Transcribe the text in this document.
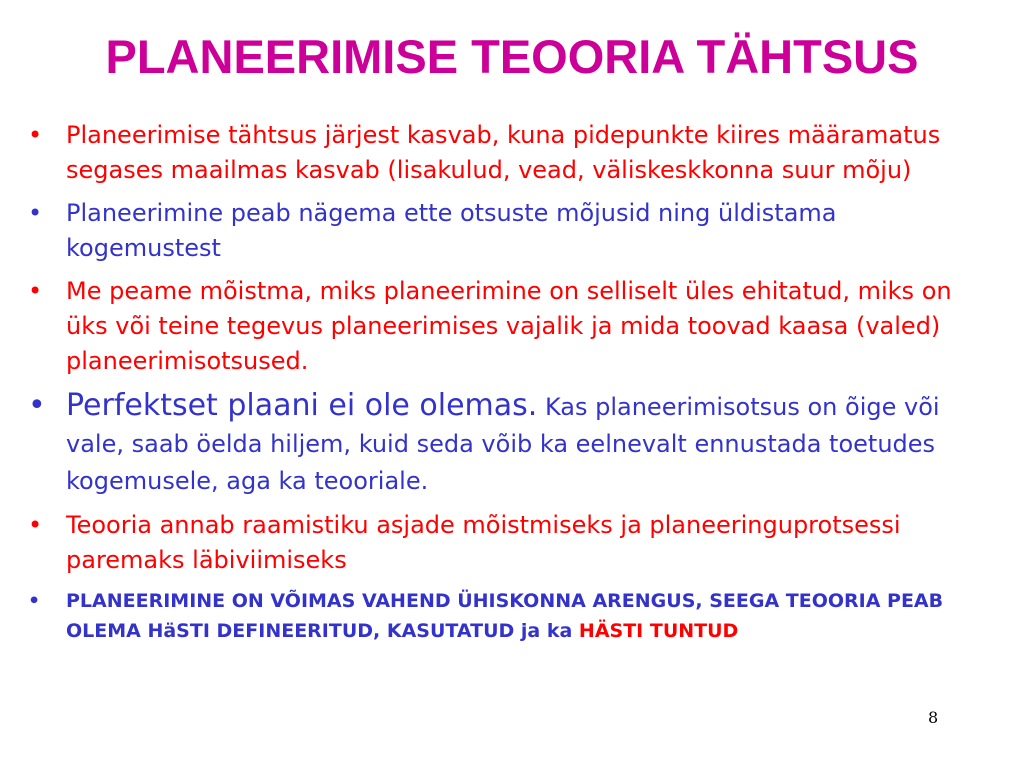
PLANEERIMISE TEOORIA TÄHTSUS
• Planeerimise tähtsus järjest kasvab, kuna pidepunkte kiires määramatus segases maailmas kasvab (lisakulud, vead, väliskeskkonna suur mõju)
• Planeerimine peab nägema ette otsuste mõjusid ning üldistama kogemustest
• Me peame mõistma, miks planeerimine on selliselt üles ehitatud, miks on üks või teine tegevus planeerimises vajalik ja mida toovad kaasa (valed) planeerimisotsused.
• Perfektset plaani ei ole olemas. Kas planeerimisotsus on õige või vale, saab öelda hiljem, kuid seda võib ka eelnevalt ennustada toetudes kogemusele, aga ka teooriale.
• Teooria annab raamistiku asjade mõistmiseks ja planeeringuprotsessi paremaks läbiviimiseks
• PLANEERIMINE ON VÕIMAS VAHEND ÜHISKONNA ARENGUS, SEEGA TEOORIA PEAB OLEMA HäSTI DEFINEERITUD, KASUTATUD ja ka HÄSTI TUNTUD
8
